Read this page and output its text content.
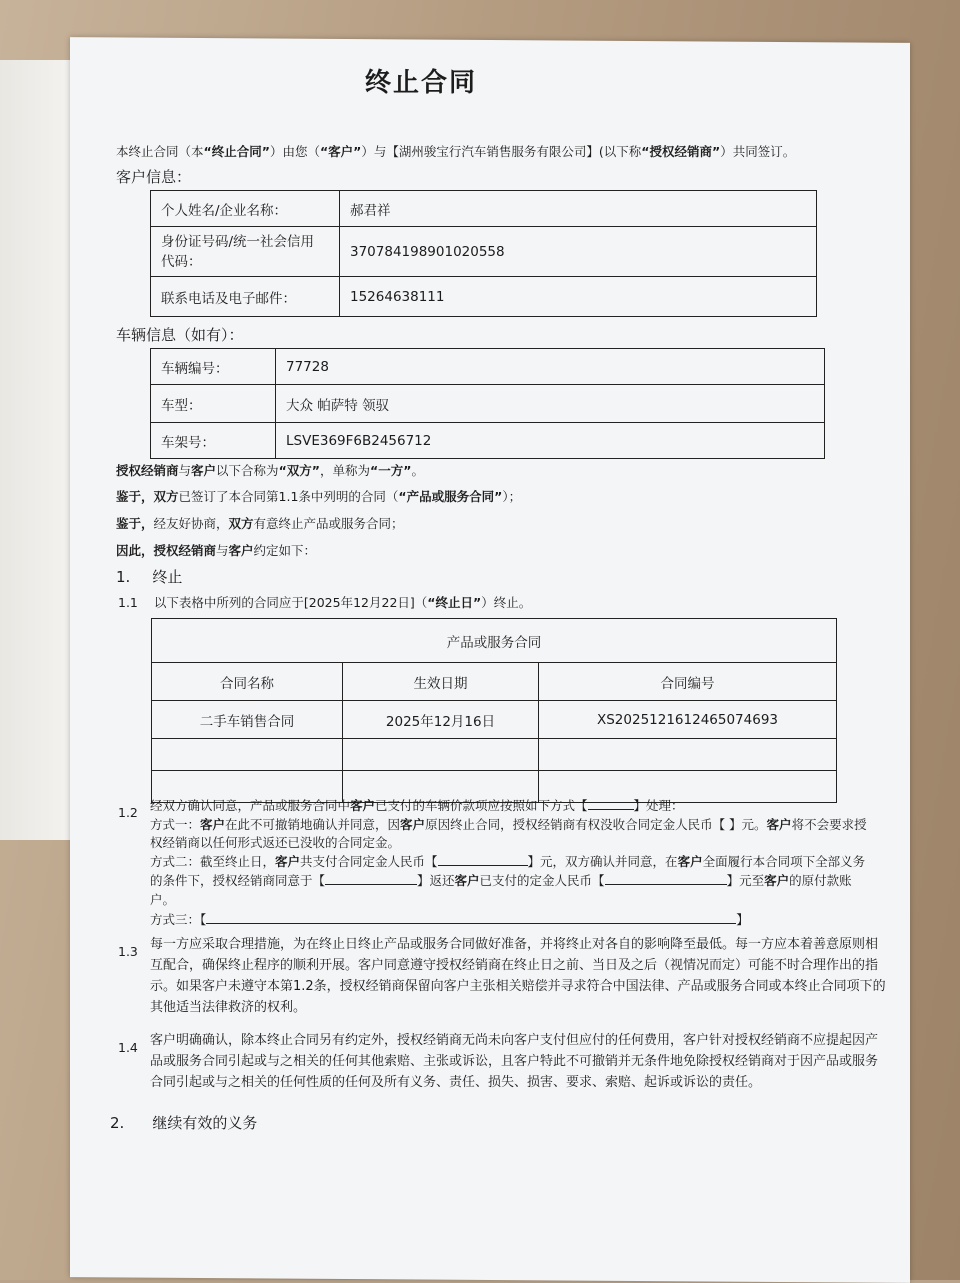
终止合同
本终止合同（本“终止合同”）由您（“客户”）与【湖州骏宝行汽车销售服务有限公司】(以下称“授权经销商”）共同签订。
客户信息：
个人姓名/企业名称：	郝君祥
身份证号码/统一社会信用
代码：	370784198901020558
联系电话及电子邮件：	15264638111
车辆信息（如有）：
车辆编号：	77728
车型：	大众 帕萨特 领驭
车架号：	LSVE369F6B2456712
授权经销商与客户以下合称为“双方”，单称为“一方”。
鉴于，双方已签订了本合同第1.1条中列明的合同（“产品或服务合同”）；
鉴于，经友好协商，双方有意终止产品或服务合同；
因此，授权经销商与客户约定如下：
1. 终止
1.1 以下表格中所列的合同应于[2025年12月22日]（“终止日”）终止。
产品或服务合同		
合同名称	生效日期	合同编号
二手车销售合同	2025年12月16日	XS2025121612465074693

1.2 经双方确认同意，产品或服务合同中客户已支付的车辆价款项应按照如下方式【	】处理：
方式一：客户在此不可撤销地确认并同意，因客户原因终止合同，授权经销商有权没收合同定金人民币【 】元。客户将不会要求授
权经销商以任何形式返还已没收的合同定金。
方式二：截至终止日，客户共支付合同定金人民币【	】元，双方确认并同意，在客户全面履行本合同项下全部义务
的条件下，授权经销商同意于【	】返还客户已支付的定金人民币【	】元至客户的原付款账
户。
方式三：【	】
1.3 每一方应采取合理措施，为在终止日终止产品或服务合同做好准备，并将终止对各自的影响降至最低。每一方应本着善意原则相互配合，确保终止程序的顺利开展。客户同意遵守授权经销商在终止日之前、当日及之后（视情况而定）可能不时合理作出的指示。如果客户未遵守本第1.2条，授权经销商保留向客户主张相关赔偿并寻求符合中国法律、产品或服务合同或本终止合同项下的其他适当法律救济的权利。
1.4 客户明确确认，除本终止合同另有约定外，授权经销商无尚未向客户支付但应付的任何费用，客户针对授权经销商不应提起因产品或服务合同引起或与之相关的任何其他索赔、主张或诉讼，且客户特此不可撤销并无条件地免除授权经销商对于因产品或服务合同引起或与之相关的任何性质的任何及所有义务、责任、损失、损害、要求、索赔、起诉或诉讼的责任。
2. 继续有效的义务
